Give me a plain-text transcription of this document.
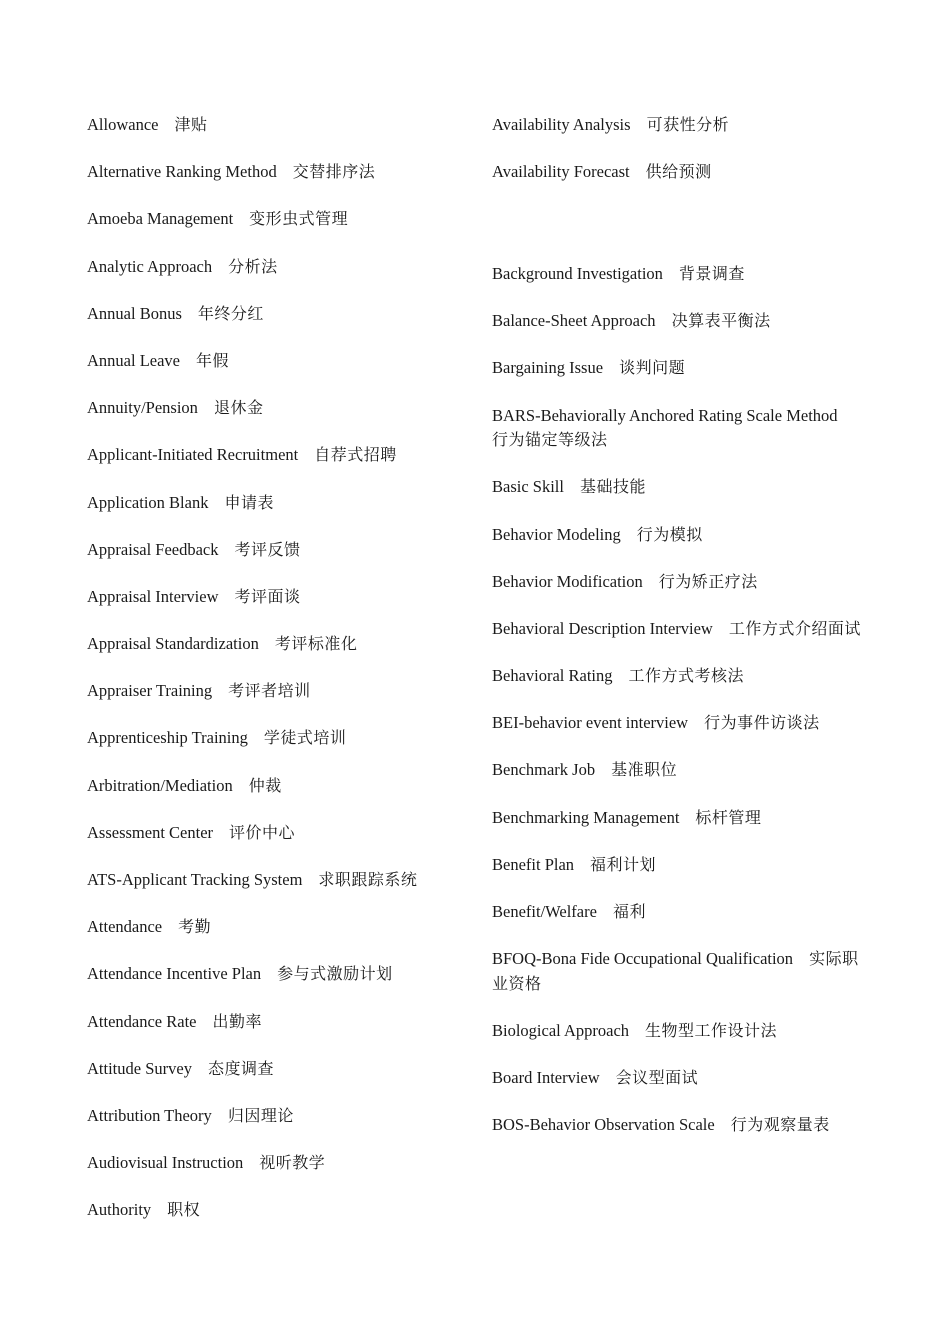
Allowance 津贴
Alternative Ranking Method 交替排序法
Amoeba Management 变形虫式管理
Analytic Approach 分析法
Annual Bonus 年终分红
Annual Leave 年假
Annuity/Pension 退休金
Applicant-Initiated Recruitment 自荐式招聘
Application Blank 申请表
Appraisal Feedback 考评反馈
Appraisal Interview 考评面谈
Appraisal Standardization 考评标准化
Appraiser Training 考评者培训
Apprenticeship Training 学徒式培训
Arbitration/Mediation 仲裁
Assessment Center 评价中心
ATS-Applicant Tracking System 求职跟踪系统
Attendance 考勤
Attendance Incentive Plan 参与式激励计划
Attendance Rate 出勤率
Attitude Survey 态度调查
Attribution Theory 归因理论
Audiovisual Instruction 视听教学
Authority 职权
Availability Analysis 可获性分析
Availability Forecast 供给预测
Background Investigation 背景调查
Balance-Sheet Approach 决算表平衡法
Bargaining Issue 谈判问题
BARS-Behaviorally Anchored Rating Scale Method行为锚定等级法
Basic Skill 基础技能
Behavior Modeling 行为模拟
Behavior Modification 行为矫正疗法
Behavioral Description Interview 工作方式介绍面试
Behavioral Rating 工作方式考核法
BEI-behavior event interview 行为事件访谈法
Benchmark Job 基准职位
Benchmarking Management 标杆管理
Benefit Plan 福利计划
Benefit/Welfare 福利
BFOQ-Bona Fide Occupational Qualification 实际职业资格
Biological Approach 生物型工作设计法
Board Interview 会议型面试
BOS-Behavior Observation Scale 行为观察量表
